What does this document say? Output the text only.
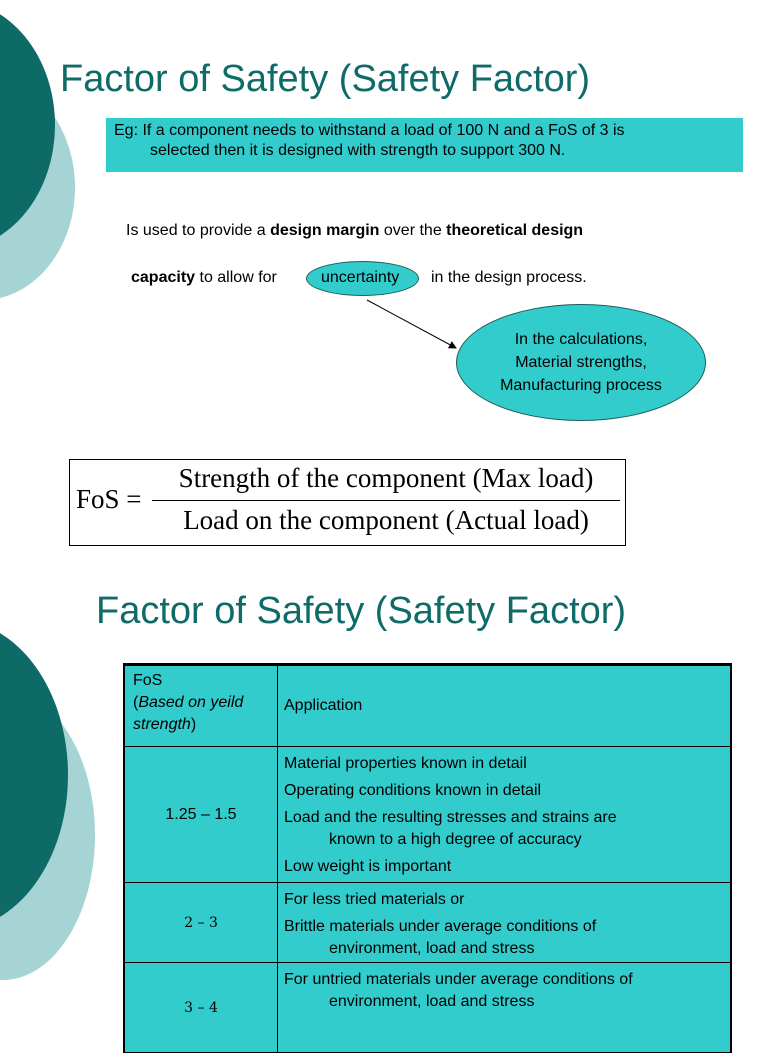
Factor of Safety (Safety Factor)
Eg: If a component needs to withstand a load of 100 N and a FoS of 3 is
selected then it is designed with strength to support 300 N.
Is used to provide a design margin over the theoretical design
capacity to allow for	uncertainty in the design process.
In the calculations,
Material strengths,
Manufacturing process
FoS =
Strength of the component (Max load)
Load on the component (Actual load)
Factor of Safety (Safety Factor)
FoS
(Based on yeild strength)	Application
1.25 – 1.5	Material properties known in detail
Operating conditions known in detail
Load and the resulting stresses and strains are
known to a high degree of accuracy
Low weight is important

2 – 3	For less tried materials or
Brittle materials under average conditions of
environment, load and stress

3 – 4	For untried materials under average conditions of
environment, load and stress
